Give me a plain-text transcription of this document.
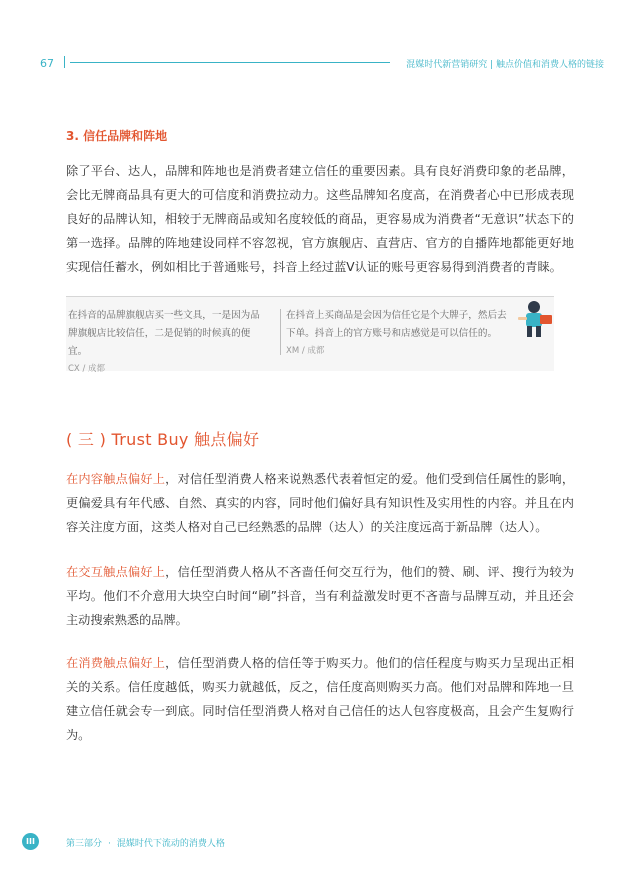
67	混媒时代新营销研究 | 触点价值和消费人格的链接
3. 信任品牌和阵地

除了平台、达人，品牌和阵地也是消费者建立信任的重要因素。具有良好消费印象的老品牌，会比无牌商品具有更大的可信度和消费拉动力。这些品牌知名度高，在消费者心中已形成表现良好的品牌认知，相较于无牌商品或知名度较低的商品，更容易成为消费者“无意识”状态下的第一选择。品牌的阵地建设同样不容忽视，官方旗舰店、直营店、官方的自播阵地都能更好地实现信任蓄水，例如相比于普通账号，抖音上经过蓝Ⅴ认证的账号更容易得到消费者的青睐。

在抖音的品牌旗舰店买一些文具，一是因为品牌旗舰店比较信任，二是促销的时候真的便宜。
CX / 成都
在抖音上买商品是会因为信任它是个大牌子，然后去下单。抖音上的官方账号和店感觉是可以信任的。
XM / 成都
( 三 ) Trust Buy 触点偏好

在内容触点偏好上，对信任型消费人格来说熟悉代表着恒定的爱。他们受到信任属性的影响，更偏爱具有年代感、自然、真实的内容，同时他们偏好具有知识性及实用性的内容。并且在内容关注度方面，这类人格对自己已经熟悉的品牌（达人）的关注度远高于新品牌（达人）。

在交互触点偏好上，信任型消费人格从不吝啬任何交互行为，他们的赞、刷、评、搜行为较为平均。他们不介意用大块空白时间“刷”抖音，当有利益激发时更不吝啬与品牌互动，并且还会主动搜索熟悉的品牌。

在消费触点偏好上，信任型消费人格的信任等于购买力。他们的信任程度与购买力呈现出正相关的关系。信任度越低，购买力就越低，反之，信任度高则购买力高。他们对品牌和阵地一旦建立信任就会专一到底。同时信任型消费人格对自己信任的达人包容度极高，且会产生复购行为。

III	第三部分 · 混媒时代下流动的消费人格
